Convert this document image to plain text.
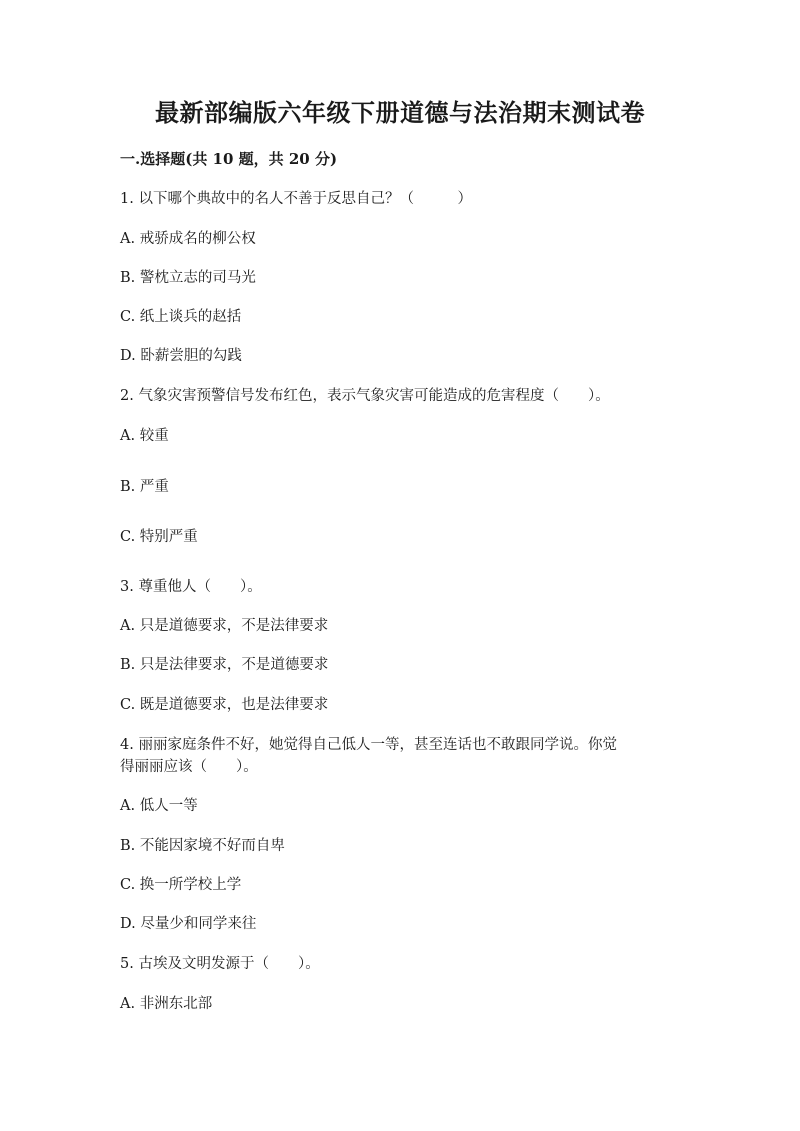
最新部编版六年级下册道德与法治期末测试卷
一.选择题(共 10 题，共 20 分)
1. 以下哪个典故中的名人不善于反思自己？（　　　）
A. 戒骄成名的柳公权
B. 警枕立志的司马光
C. 纸上谈兵的赵括
D. 卧薪尝胆的勾践
2. 气象灾害预警信号发布红色，表示气象灾害可能造成的危害程度（　　）。
A. 较重
B. 严重
C. 特别严重
3. 尊重他人（　　）。
A. 只是道德要求，不是法律要求
B. 只是法律要求，不是道德要求
C. 既是道德要求，也是法律要求
4. 丽丽家庭条件不好，她觉得自己低人一等，甚至连话也不敢跟同学说。你觉
得丽丽应该（　　）。
A. 低人一等
B. 不能因家境不好而自卑
C. 换一所学校上学
D. 尽量少和同学来往
5. 古埃及文明发源于（　　）。
A. 非洲东北部
